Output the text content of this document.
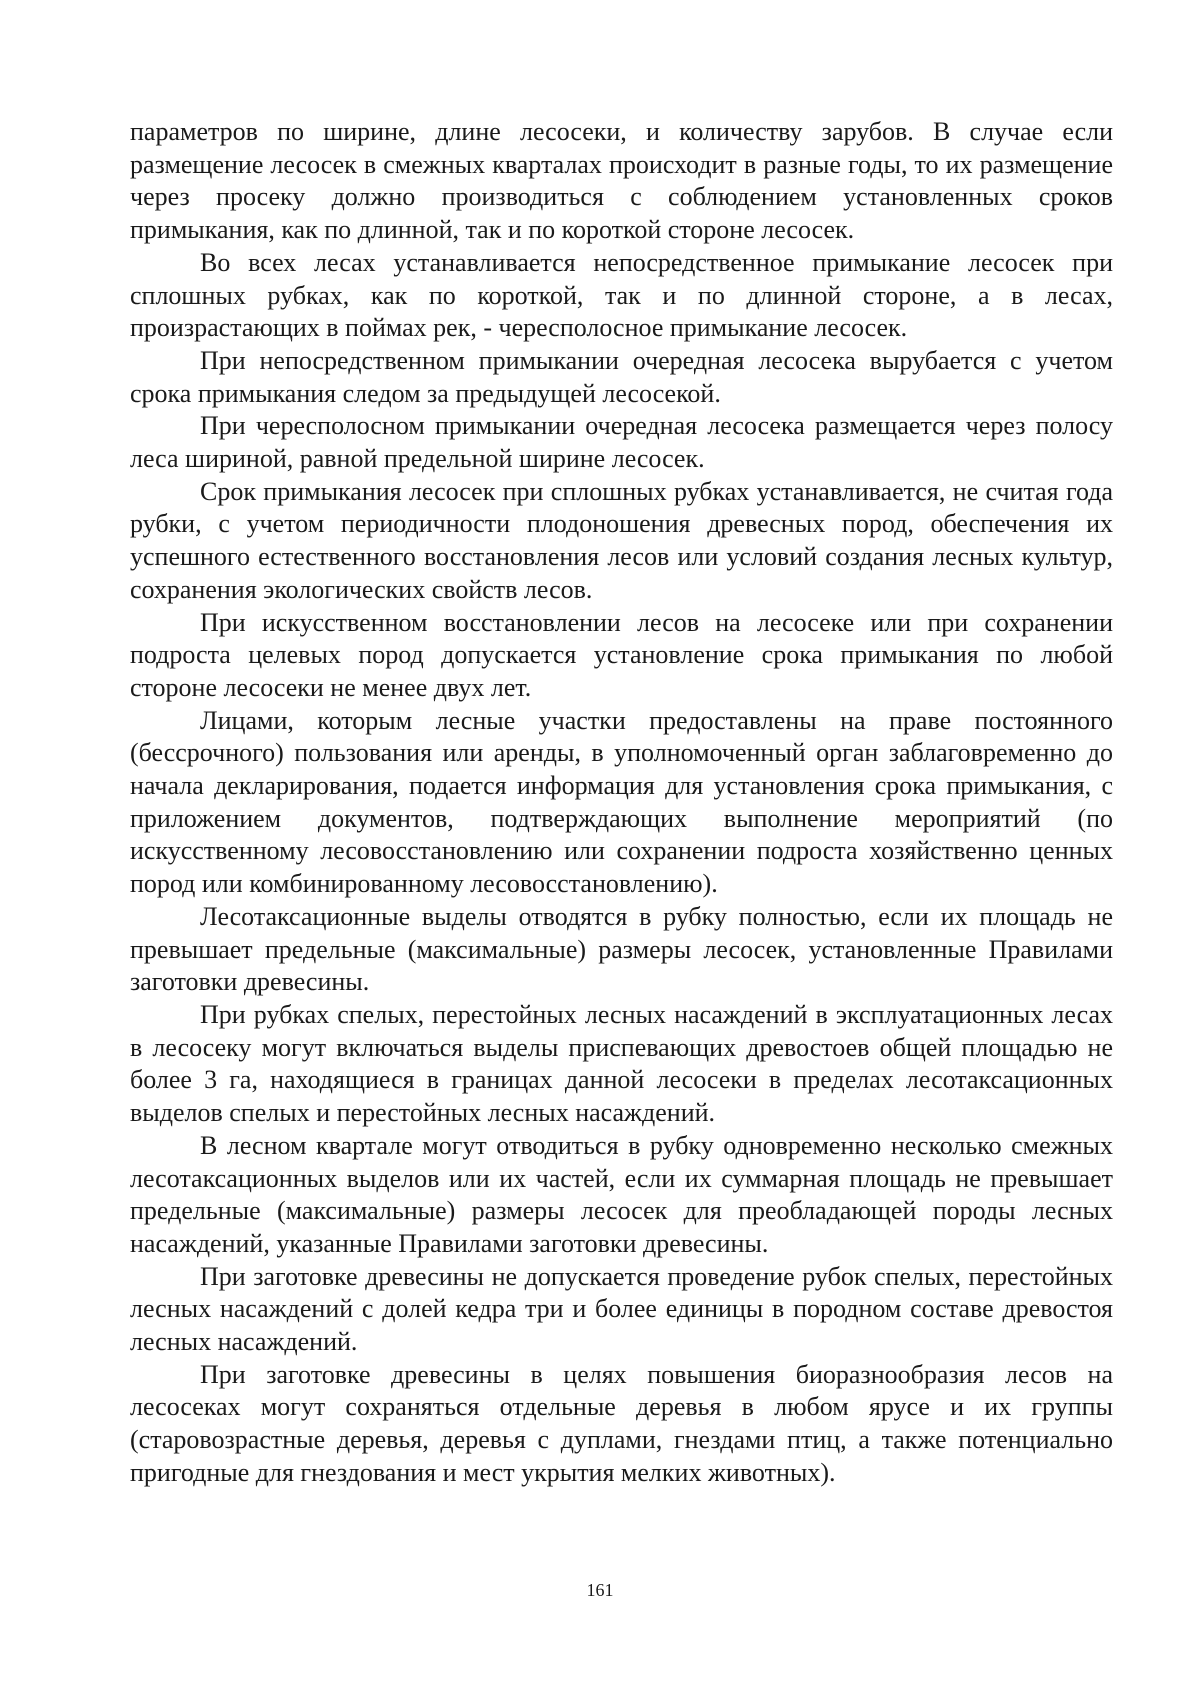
параметров по ширине, длине лесосеки, и количеству зарубов. В случае если размещение лесосек в смежных кварталах происходит в разные годы, то их размещение через просеку должно производиться с соблюдением установленных сроков примыкания, как по длинной, так и по короткой стороне лесосек.

Во всех лесах устанавливается непосредственное примыкание лесосек при сплошных рубках, как по короткой, так и по длинной стороне, а в лесах, произрастающих в поймах рек, - чересполосное примыкание лесосек.

При непосредственном примыкании очередная лесосека вырубается с учетом срока примыкания следом за предыдущей лесосекой.

При чересполосном примыкании очередная лесосека размещается через полосу леса шириной, равной предельной ширине лесосек.

Срок примыкания лесосек при сплошных рубках устанавливается, не считая года рубки, с учетом периодичности плодоношения древесных пород, обеспечения их успешного естественного восстановления лесов или условий создания лесных культур, сохранения экологических свойств лесов.

При искусственном восстановлении лесов на лесосеке или при сохранении подроста целевых пород допускается установление срока примыкания по любой стороне лесосеки не менее двух лет.

Лицами, которым лесные участки предоставлены на праве постоянного (бессрочного) пользования или аренды, в уполномоченный орган заблаговременно до начала декларирования, подается информация для установления срока примыкания, с приложением документов, подтверждающих выполнение мероприятий (по искусственному лесовосстановлению или сохранении подроста хозяйственно ценных пород или комбинированному лесовосстановлению).

Лесотаксационные выделы отводятся в рубку полностью, если их площадь не превышает предельные (максимальные) размеры лесосек, установленные Правилами заготовки древесины.

При рубках спелых, перестойных лесных насаждений в эксплуатационных лесах в лесосеку могут включаться выделы приспевающих древостоев общей площадью не более 3 га, находящиеся в границах данной лесосеки в пределах лесотаксационных выделов спелых и перестойных лесных насаждений.

В лесном квартале могут отводиться в рубку одновременно несколько смежных лесотаксационных выделов или их частей, если их суммарная площадь не превышает предельные (максимальные) размеры лесосек для преобладающей породы лесных насаждений, указанные Правилами заготовки древесины.

При заготовке древесины не допускается проведение рубок спелых, перестойных лесных насаждений с долей кедра три и более единицы в породном составе древостоя лесных насаждений.

При заготовке древесины в целях повышения биоразнообразия лесов на лесосеках могут сохраняться отдельные деревья в любом ярусе и их группы (старовозрастные деревья, деревья с дуплами, гнездами птиц, а также потенциально пригодные для гнездования и мест укрытия мелких животных).

161
